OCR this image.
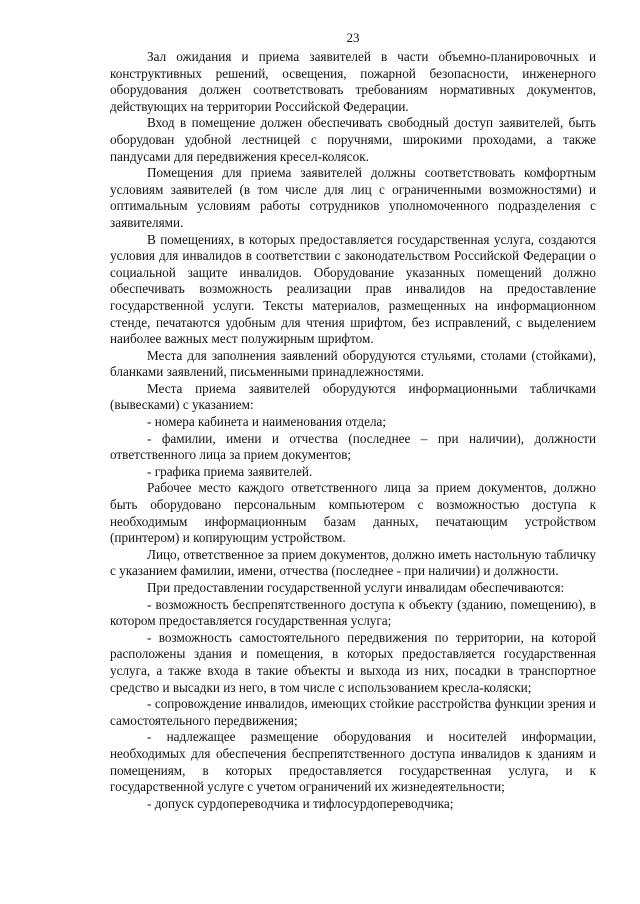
23

Зал ожидания и приема заявителей в части объемно-планировочных и конструктивных решений, освещения, пожарной безопасности, инженерного оборудования должен соответствовать требованиям нормативных документов, действующих на территории Российской Федерации.

Вход в помещение должен обеспечивать свободный доступ заявителей, быть оборудован удобной лестницей с поручнями, широкими проходами, а также пандусами для передвижения кресел-колясок.

Помещения для приема заявителей должны соответствовать комфортным условиям заявителей (в том числе для лиц с ограниченными возможностями) и оптимальным условиям работы сотрудников уполномоченного подразделения с заявителями.

В помещениях, в которых предоставляется государственная услуга, создаются условия для инвалидов в соответствии с законодательством Российской Федерации о социальной защите инвалидов. Оборудование указанных помещений должно обеспечивать возможность реализации прав инвалидов на предоставление государственной услуги. Тексты материалов, размещенных на информационном стенде, печатаются удобным для чтения шрифтом, без исправлений, с выделением наиболее важных мест полужирным шрифтом.

Места для заполнения заявлений оборудуются стульями, столами (стойками), бланками заявлений, письменными принадлежностями.

Места приема заявителей оборудуются информационными табличками (вывесками) с указанием:

- номера кабинета и наименования отдела;

- фамилии, имени и отчества (последнее – при наличии), должности ответственного лица за прием документов;

- графика приема заявителей.

Рабочее место каждого ответственного лица за прием документов, должно быть оборудовано персональным компьютером с возможностью доступа к необходимым информационным базам данных, печатающим устройством (принтером) и копирующим устройством.

Лицо, ответственное за прием документов, должно иметь настольную табличку с указанием фамилии, имени, отчества (последнее - при наличии) и должности.

При предоставлении государственной услуги инвалидам обеспечиваются:

- возможность беспрепятственного доступа к объекту (зданию, помещению), в котором предоставляется государственная услуга;

- возможность самостоятельного передвижения по территории, на которой расположены здания и помещения, в которых предоставляется государственная услуга, а также входа в такие объекты и выхода из них, посадки в транспортное средство и высадки из него, в том числе с использованием кресла-коляски;

- сопровождение инвалидов, имеющих стойкие расстройства функции зрения и самостоятельного передвижения;

- надлежащее размещение оборудования и носителей информации, необходимых для обеспечения беспрепятственного доступа инвалидов к зданиям и помещениям, в которых предоставляется государственная услуга, и к государственной услуге с учетом ограничений их жизнедеятельности;

- допуск сурдопереводчика и тифлосурдопереводчика;
